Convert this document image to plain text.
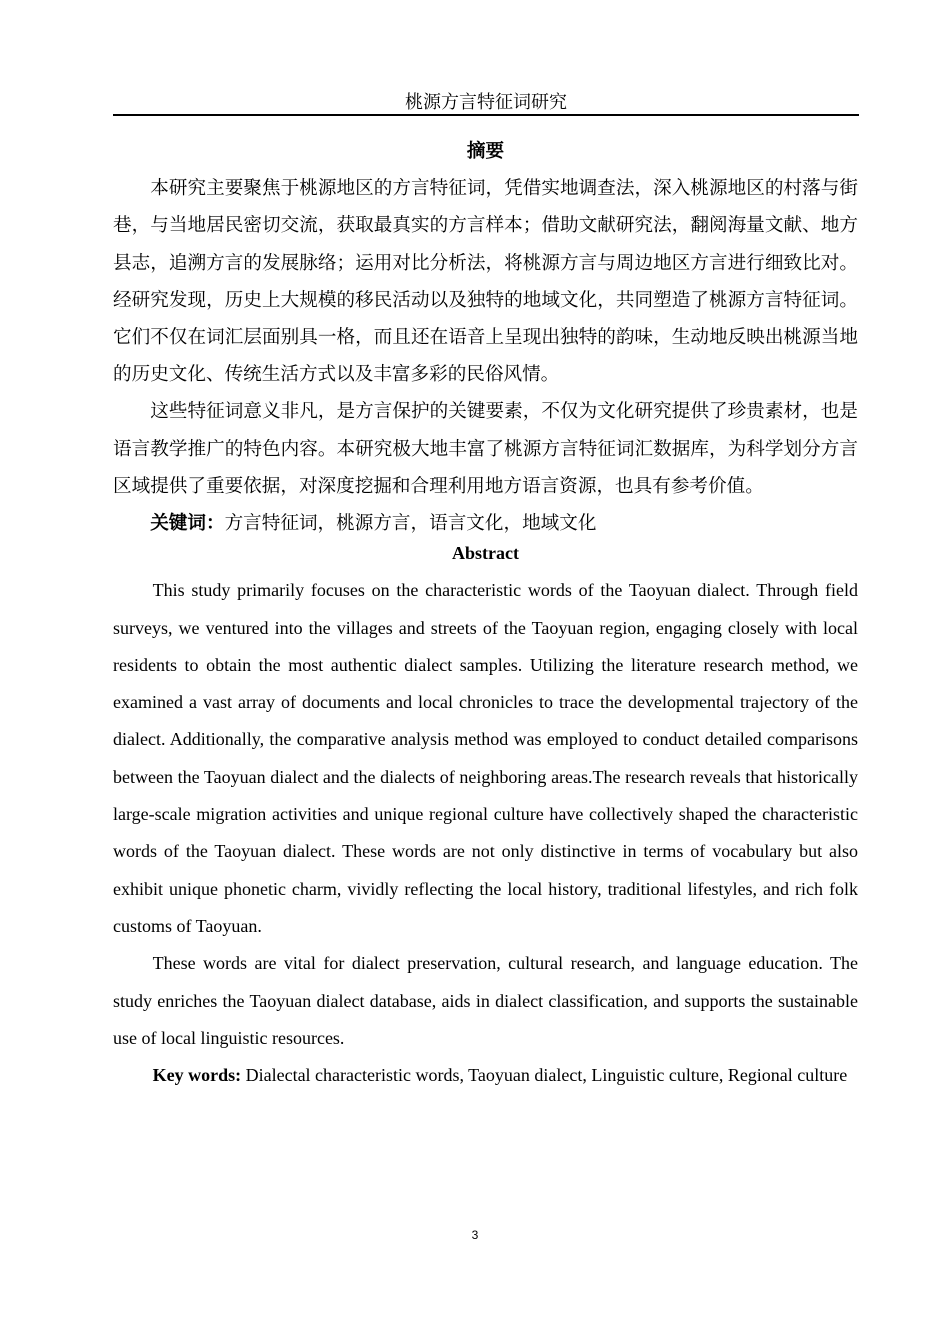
桃源方言特征词研究
摘要

本研究主要聚焦于桃源地区的方言特征词，凭借实地调查法，深入桃源地区的村落与街巷，与当地居民密切交流，获取最真实的方言样本；借助文献研究法，翻阅海量文献、地方县志，追溯方言的发展脉络；运用对比分析法，将桃源方言与周边地区方言进行细致比对。经研究发现，历史上大规模的移民活动以及独特的地域文化，共同塑造了桃源方言特征词。它们不仅在词汇层面别具一格，而且还在语音上呈现出独特的韵味，生动地反映出桃源当地的历史文化、传统生活方式以及丰富多彩的民俗风情。

这些特征词意义非凡，是方言保护的关键要素，不仅为文化研究提供了珍贵素材，也是语言教学推广的特色内容。本研究极大地丰富了桃源方言特征词汇数据库，为科学划分方言区域提供了重要依据，对深度挖掘和合理利用地方语言资源，也具有参考价值。

关键词：方言特征词，桃源方言，语言文化，地域文化

Abstract

This study primarily focuses on the characteristic words of the Taoyuan dialect. Through field surveys, we ventured into the villages and streets of the Taoyuan region, engaging closely with local residents to obtain the most authentic dialect samples. Utilizing the literature research method, we examined a vast array of documents and local chronicles to trace the developmental trajectory of the dialect. Additionally, the comparative analysis method was employed to conduct detailed comparisons between the Taoyuan dialect and the dialects of neighboring areas.The research reveals that historically large-scale migration activities and unique regional culture have collectively shaped the characteristic words of the Taoyuan dialect. These words are not only distinctive in terms of vocabulary but also exhibit unique phonetic charm, vividly reflecting the local history, traditional lifestyles, and rich folk customs of Taoyuan.

These words are vital for dialect preservation, cultural research, and language education. The study enriches the Taoyuan dialect database, aids in dialect classification, and supports the sustainable use of local linguistic resources.

Key words: Dialectal characteristic words, Taoyuan dialect, Linguistic culture, Regional culture

3
